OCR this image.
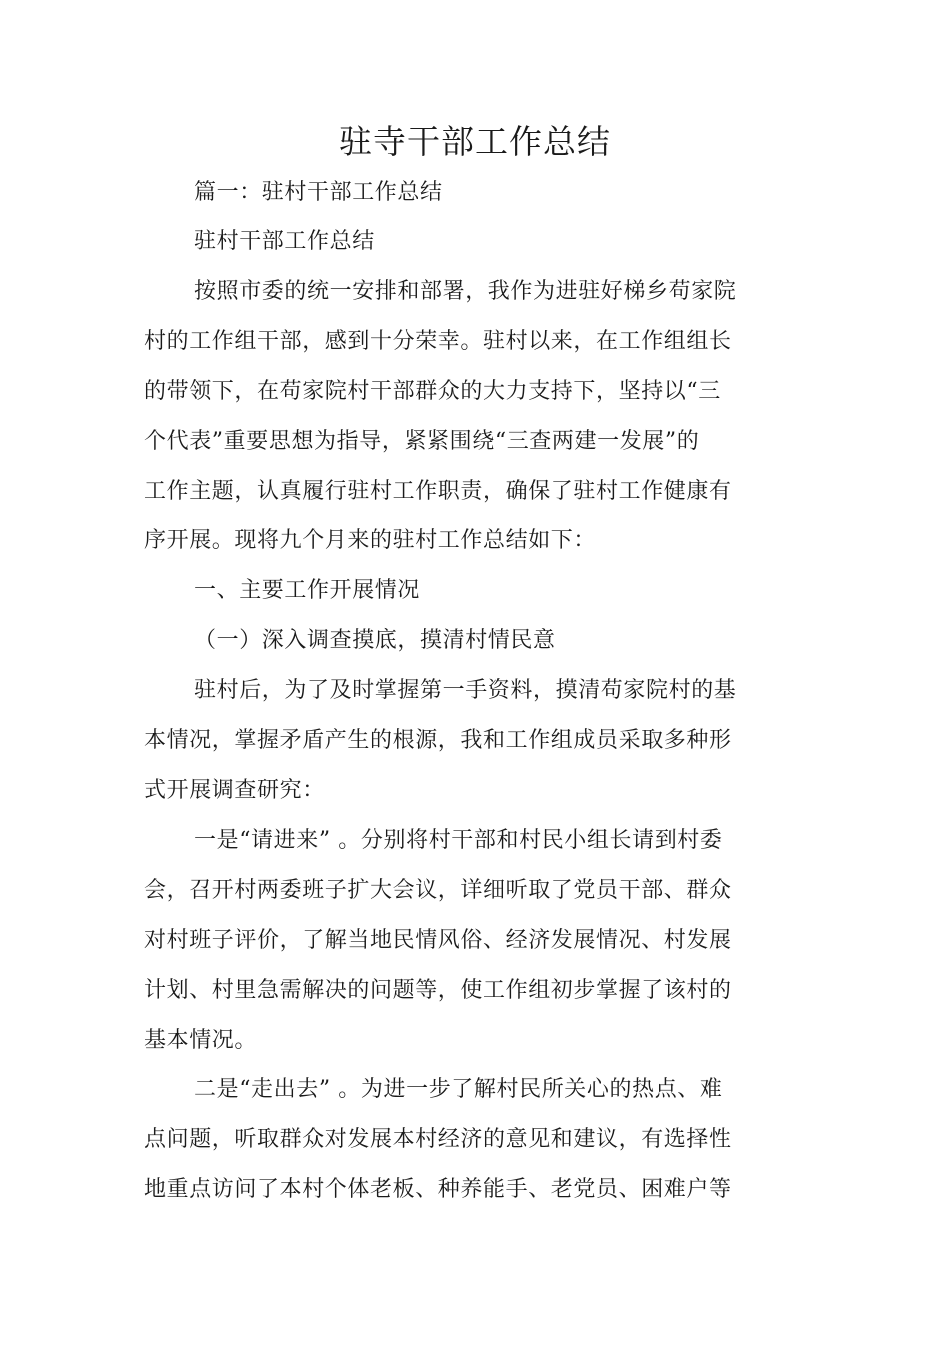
驻寺干部工作总结

篇一：驻村干部工作总结

驻村干部工作总结

按照市委的统一安排和部署，我作为进驻好梯乡苟家院

村的工作组干部，感到十分荣幸。驻村以来，在工作组组长

的带领下，在苟家院村干部群众的大力支持下，坚持以“三

个代表”重要思想为指导，紧紧围绕“三查两建一发展”的

工作主题，认真履行驻村工作职责，确保了驻村工作健康有

序开展。现将九个月来的驻村工作总结如下：

一、主要工作开展情况

（一）深入调查摸底，摸清村情民意

驻村后，为了及时掌握第一手资料，摸清苟家院村的基

本情况，掌握矛盾产生的根源，我和工作组成员采取多种形

式开展调查研究：

一是“请进来” 。分别将村干部和村民小组长请到村委

会，召开村两委班子扩大会议，详细听取了党员干部、群众

对村班子评价，了解当地民情风俗、经济发展情况、村发展

计划、村里急需解决的问题等，使工作组初步掌握了该村的

基本情况。

二是“走出去” 。为进一步了解村民所关心的热点、难

点问题，听取群众对发展本村经济的意见和建议，有选择性

地重点访问了本村个体老板、种养能手、老党员、困难户等
